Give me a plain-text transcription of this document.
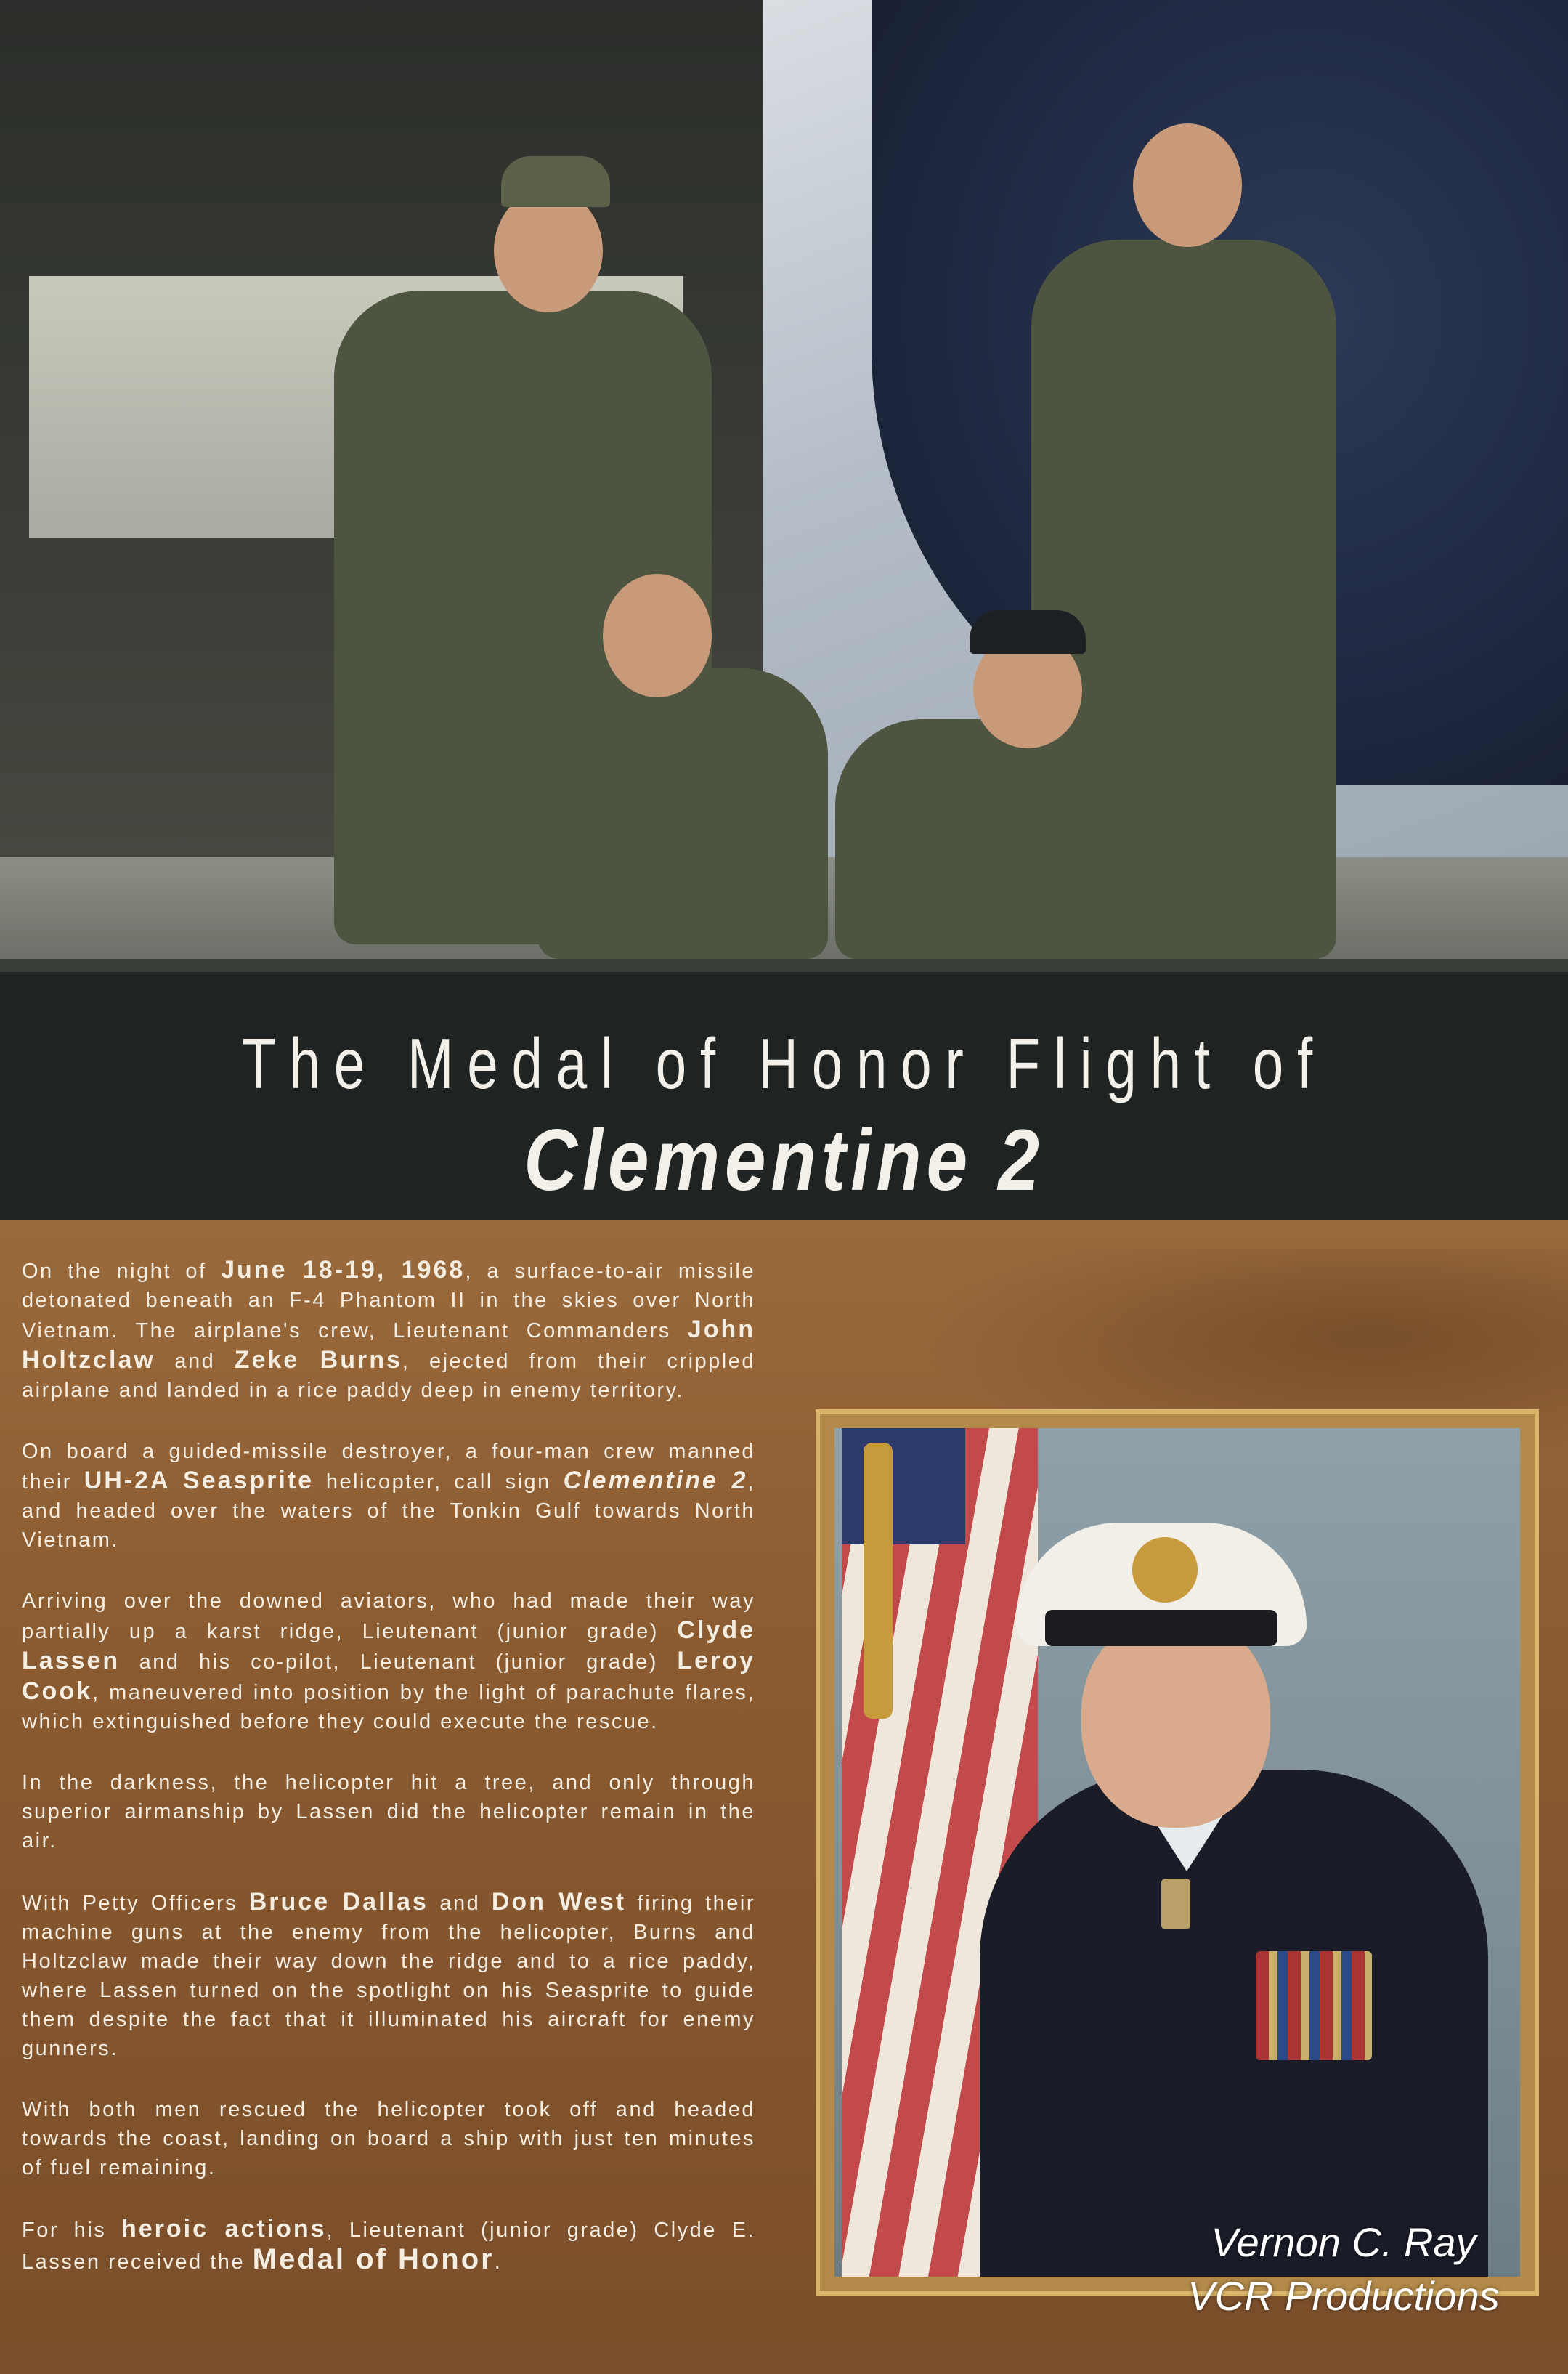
The Medal of Honor Flight of
Clementine 2

On the night of June 18-19, 1968, a surface-to-air missile detonated beneath an F-4 Phantom II in the skies over North Vietnam. The airplane's crew, Lieutenant Commanders John Holtzclaw and Zeke Burns, ejected from their crippled airplane and landed in a rice paddy deep in enemy territory.

On board a guided-missile destroyer, a four-man crew manned their UH-2A Seasprite helicopter, call sign Clementine 2, and headed over the waters of the Tonkin Gulf towards North Vietnam.

Arriving over the downed aviators, who had made their way partially up a karst ridge, Lieutenant (junior grade) Clyde Lassen and his co-pilot, Lieutenant (junior grade) Leroy Cook, maneuvered into position by the light of parachute flares, which extinguished before they could execute the rescue.

In the darkness, the helicopter hit a tree, and only through superior airmanship by Lassen did the helicopter remain in the air.

With Petty Officers Bruce Dallas and Don West firing their machine guns at the enemy from the helicopter, Burns and Holtzclaw made their way down the ridge and to a rice paddy, where Lassen turned on the spotlight on his Seasprite to guide them despite the fact that it illuminated his aircraft for enemy gunners.

With both men rescued the helicopter took off and headed towards the coast, landing on board a ship with just ten minutes of fuel remaining.

For his heroic actions, Lieutenant (junior grade) Clyde E. Lassen received the Medal of Honor.	Vernon C. Ray
VCR Productions
